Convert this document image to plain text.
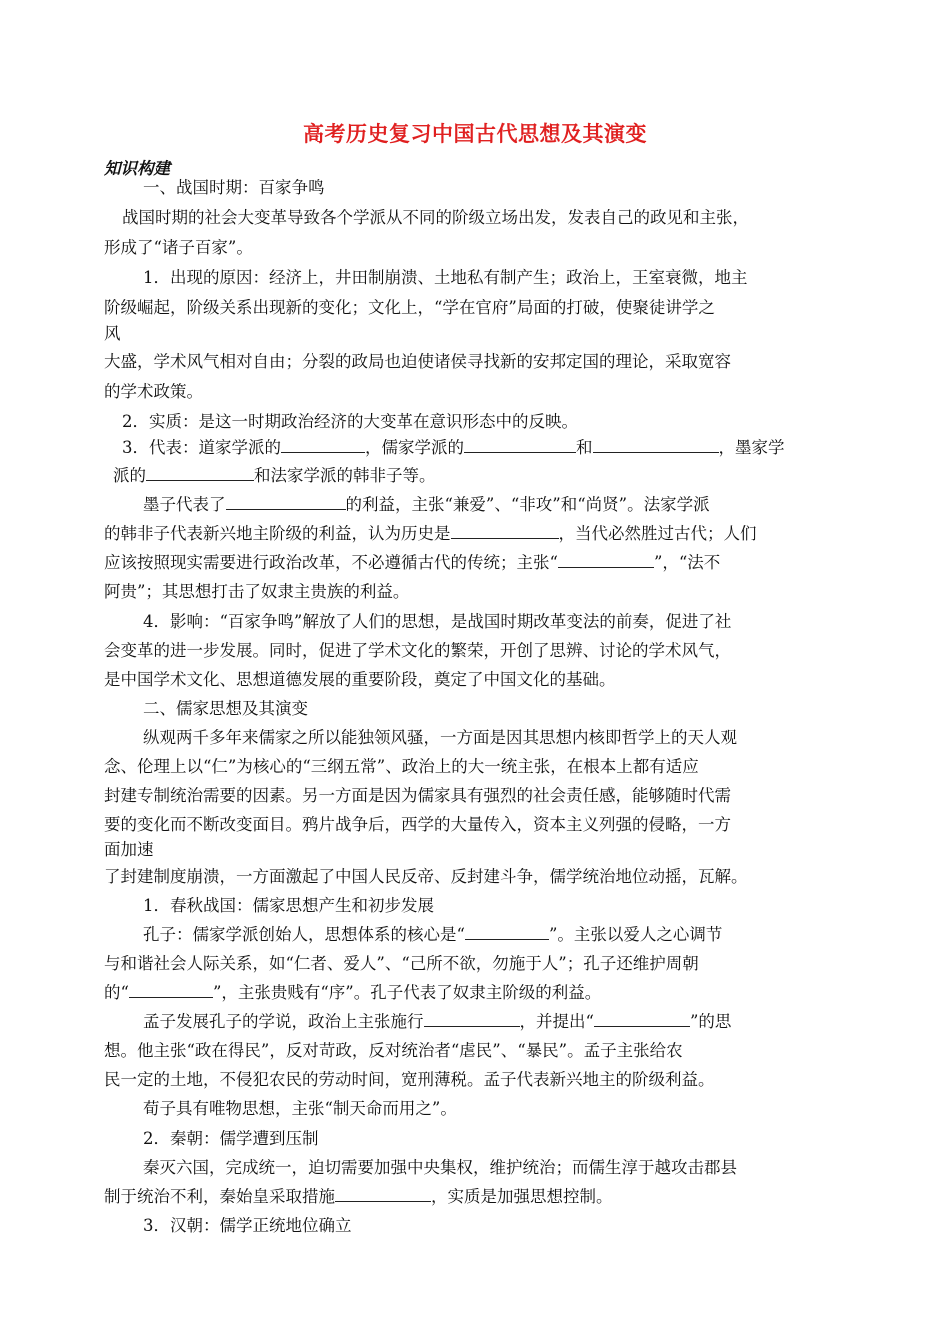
高考历史复习中国古代思想及其演变
知识构建
一、战国时期：百家争鸣
战国时期的社会大变革导致各个学派从不同的阶级立场出发，发表自己的政见和主张，
形成了“诸子百家”。
1．出现的原因：经济上，井田制崩溃、土地私有制产生；政治上，王室衰微，地主
阶级崛起，阶级关系出现新的变化；文化上，“学在官府”局面的打破，使聚徒讲学之
风
大盛，学术风气相对自由；分裂的政局也迫使诸侯寻找新的安邦定国的理论，采取宽容
的学术政策。
2．实质：是这一时期政治经济的大变革在意识形态中的反映。
3．代表：道家学派的	，儒家学派的	和	，墨家学
派的	和法家学派的韩非子等。
墨子代表了	的利益，主张“兼爱”、“非攻”和“尚贤”。法家学派
的韩非子代表新兴地主阶级的利益，认为历史是	，当代必然胜过古代；人们
应该按照现实需要进行政治改革，不必遵循古代的传统；主张“	”，“法不
阿贵”；其思想打击了奴隶主贵族的利益。
4．影响：“百家争鸣”解放了人们的思想，是战国时期改革变法的前奏，促进了社
会变革的进一步发展。同时，促进了学术文化的繁荣，开创了思辨、讨论的学术风气，
是中国学术文化、思想道德发展的重要阶段，奠定了中国文化的基础。
二、儒家思想及其演变
纵观两千多年来儒家之所以能独领风骚，一方面是因其思想内核即哲学上的天人观
念、伦理上以“仁”为核心的“三纲五常”、政治上的大一统主张，在根本上都有适应
封建专制统治需要的因素。另一方面是因为儒家具有强烈的社会责任感，能够随时代需
要的变化而不断改变面目。鸦片战争后，西学的大量传入，资本主义列强的侵略，一方
面加速
了封建制度崩溃，一方面激起了中国人民反帝、反封建斗争，儒学统治地位动摇，瓦解。
1．春秋战国：儒家思想产生和初步发展
孔子：儒家学派创始人，思想体系的核心是“	”。主张以爱人之心调节
与和谐社会人际关系，如“仁者、爱人”、“己所不欲，勿施于人”；孔子还维护周朝
的“	”，主张贵贱有“序”。孔子代表了奴隶主阶级的利益。
孟子发展孔子的学说，政治上主张施行	，并提出“	”的思
想。他主张“政在得民”，反对苛政，反对统治者“虐民”、“暴民”。孟子主张给农
民一定的土地，不侵犯农民的劳动时间，宽刑薄税。孟子代表新兴地主的阶级利益。
荀子具有唯物思想，主张“制天命而用之”。
2．秦朝：儒学遭到压制
秦灭六国，完成统一，迫切需要加强中央集权，维护统治；而儒生淳于越攻击郡县
制于统治不利，秦始皇采取措施	，实质是加强思想控制。
3．汉朝：儒学正统地位确立
